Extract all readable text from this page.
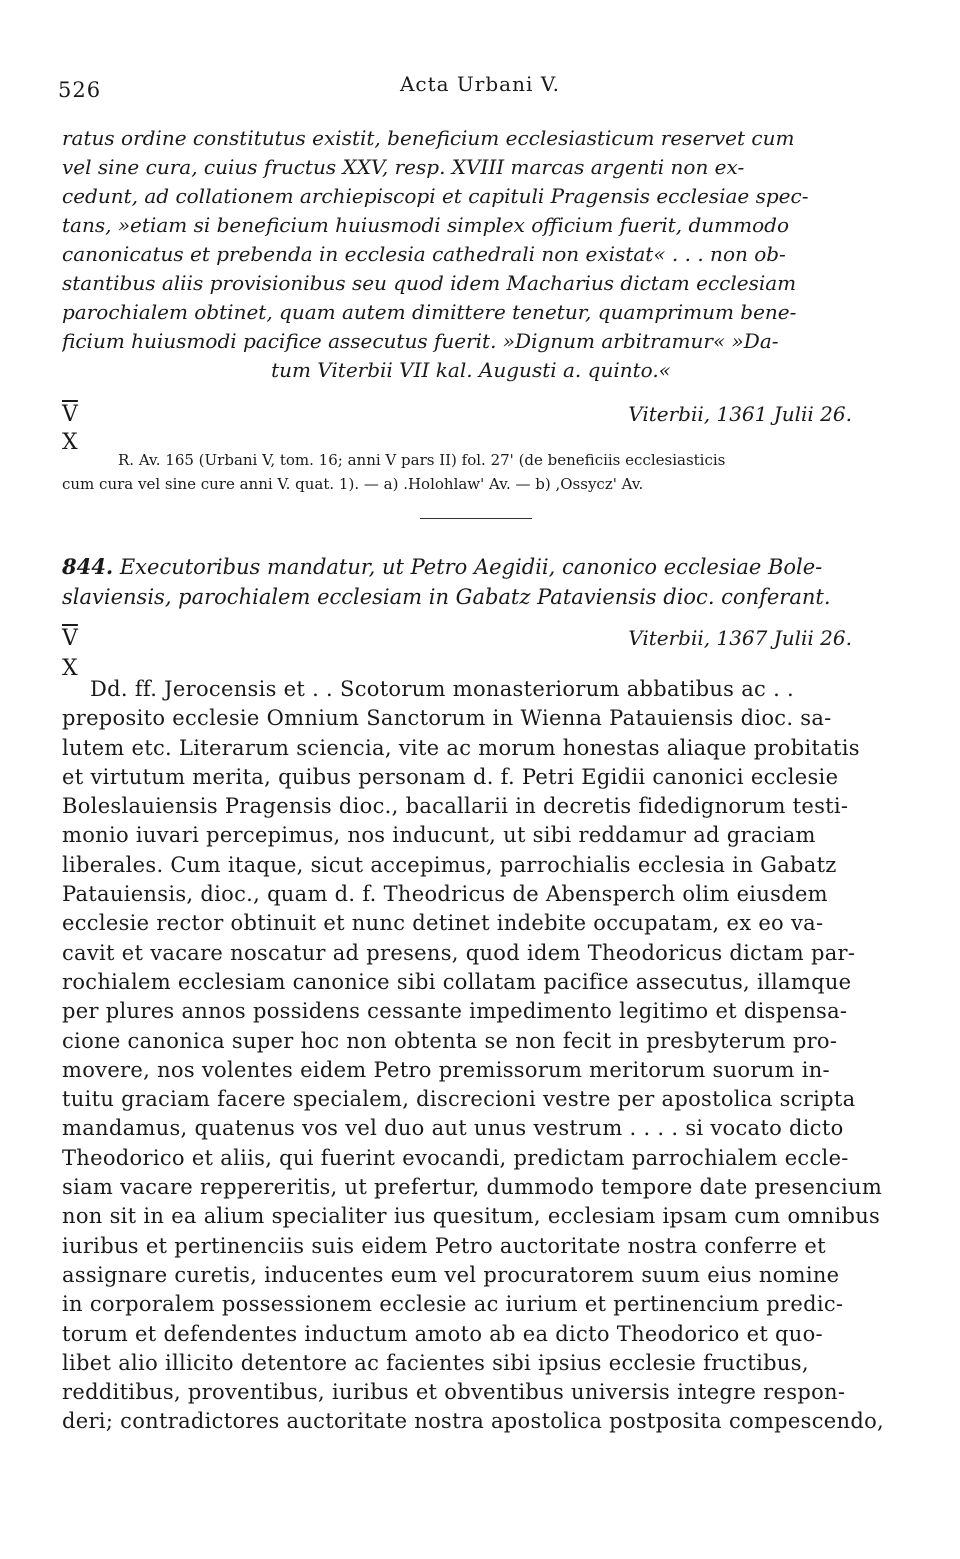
526	Acta Urbani V.
ratus ordine constitutus existit, beneficium ecclesiasticum reservet cum
vel sine cura, cuius fructus XXV, resp. XVIII marcas argenti non ex-
cedunt, ad collationem archiepiscopi et capituli Pragensis ecclesiae spec-
tans, »etiam si beneficium huiusmodi simplex officium fuerit, dummodo
canonicatus et prebenda in ecclesia cathedrali non existat« . . . non ob-
stantibus aliis provisionibus seu quod idem Macharius dictam ecclesiam
parochialem obtinet, quam autem dimittere tenetur, quamprimum bene-
ficium huiusmodi pacifice assecutus fuerit. »Dignum arbitramur« »Da-
tum Viterbii VII kal. Augusti a. quinto.«
$\overline{V}$	Viterbii, 1361 Julii 26.
X
R. Av. 165 (Urbani V, tom. 16; anni V pars II) fol. 27' (de beneficiis ecclesiasticis
cum cura vel sine cure anni V. quat. 1). — a) .Holohlaw' Av. — b) ,Ossycz' Av.
844. Executoribus mandatur, ut Petro Aegidii, canonico ecclesiae Bole-
slaviensis, parochialem ecclesiam in Gabatz Pataviensis dioc. conferant.
$\overline{V}$	Viterbii, 1367 Julii 26.
X
Dd. ff. Jerocensis et . . Scotorum monasteriorum abbatibus ac . .
preposito ecclesie Omnium Sanctorum in Wienna Patauiensis dioc. sa-
lutem etc. Literarum sciencia, vite ac morum honestas aliaque probitatis
et virtutum merita, quibus personam d. f. Petri Egidii canonici ecclesie
Boleslauiensis Pragensis dioc., bacallarii in decretis fidedignorum testi-
monio iuvari percepimus, nos inducunt, ut sibi reddamur ad graciam
liberales. Cum itaque, sicut accepimus, parrochialis ecclesia in Gabatz
Patauiensis, dioc., quam d. f. Theodricus de Abensperch olim eiusdem
ecclesie rector obtinuit et nunc detinet indebite occupatam, ex eo va-
cavit et vacare noscatur ad presens, quod idem Theodoricus dictam par-
rochialem ecclesiam canonice sibi collatam pacifice assecutus, illamque
per plures annos possidens cessante impedimento legitimo et dispensa-
cione canonica super hoc non obtenta se non fecit in presbyterum pro-
movere, nos volentes eidem Petro premissorum meritorum suorum in-
tuitu graciam facere specialem, discrecioni vestre per apostolica scripta
mandamus, quatenus vos vel duo aut unus vestrum . . . . si vocato dicto
Theodorico et aliis, qui fuerint evocandi, predictam parrochialem eccle-
siam vacare reppereritis, ut prefertur, dummodo tempore date presencium
non sit in ea alium specialiter ius quesitum, ecclesiam ipsam cum omnibus
iuribus et pertinenciis suis eidem Petro auctoritate nostra conferre et
assignare curetis, inducentes eum vel procuratorem suum eius nomine
in corporalem possessionem ecclesie ac iurium et pertinencium predic-
torum et defendentes inductum amoto ab ea dicto Theodorico et quo-
libet alio illicito detentore ac facientes sibi ipsius ecclesie fructibus,
redditibus, proventibus, iuribus et obventibus universis integre respon-
deri; contradictores auctoritate nostra apostolica postposita compescendo,
